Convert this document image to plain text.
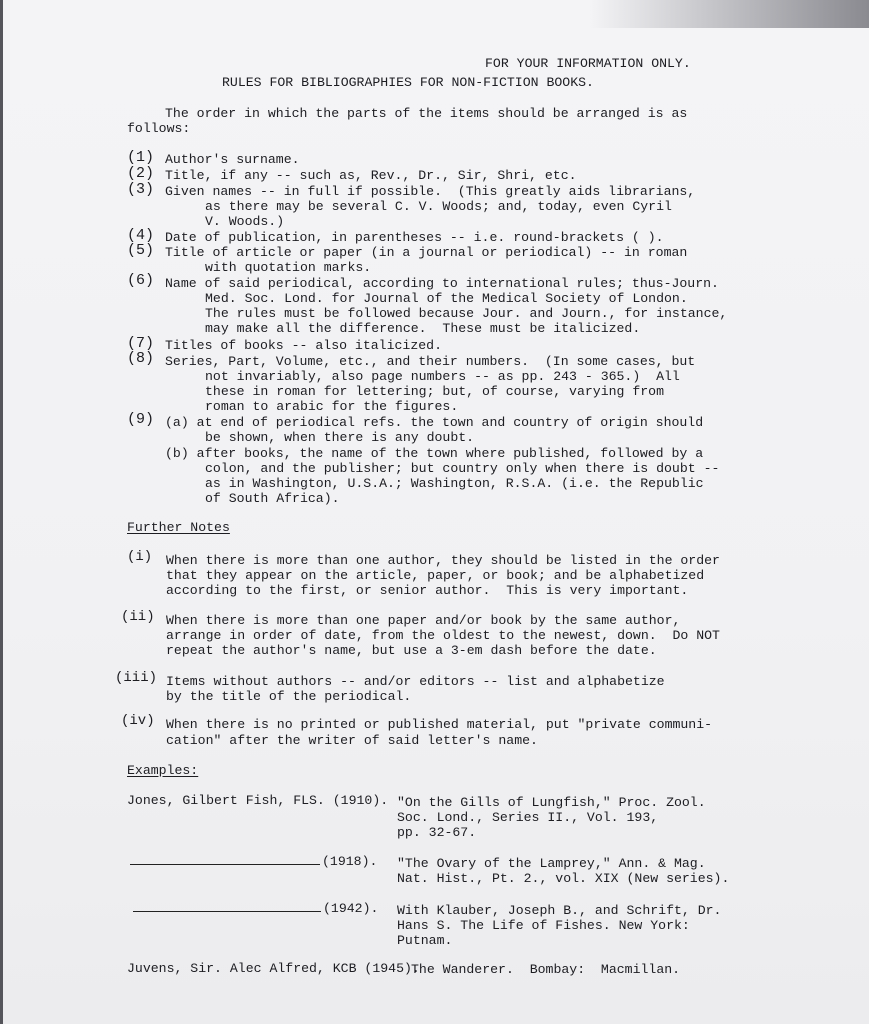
FOR YOUR INFORMATION ONLY.
RULES FOR BIBLIOGRAPHIES FOR NON-FICTION BOOKS.
The order in which the parts of the items should be arranged is as
follows:
(1) Author's surname.
(2) Title, if any -- such as, Rev., Dr., Sir, Shri, etc.
(3) Given names -- in full if possible.  (This greatly aids librarians,
as there may be several C. V. Woods; and, today, even Cyril
V. Woods.)
(4) Date of publication, in parentheses -- i.e. round-brackets ( ).
(5) Title of article or paper (in a journal or periodical) -- in roman
with quotation marks.
(6) Name of said periodical, according to international rules; thus-Journ.
Med. Soc. Lond. for Journal of the Medical Society of London.
The rules must be followed because Jour. and Journ., for instance,
may make all the difference.  These must be italicized.
(7) Titles of books -- also italicized.
(8) Series, Part, Volume, etc., and their numbers.  (In some cases, but
not invariably, also page numbers -- as pp. 243 - 365.)  All
these in roman for lettering; but, of course, varying from
roman to arabic for the figures.
(9) (a) at end of periodical refs. the town and country of origin should
be shown, when there is any doubt.
(b) after books, the name of the town where published, followed by a
colon, and the publisher; but country only when there is doubt --
as in Washington, U.S.A.; Washington, R.S.A. (i.e. the Republic
of South Africa).
Further Notes
(i) When there is more than one author, they should be listed in the order
that they appear on the article, paper, or book; and be alphabetized
according to the first, or senior author.  This is very important.
(ii) When there is more than one paper and/or book by the same author,
arrange in order of date, from the oldest to the newest, down.  Do NOT
repeat the author's name, but use a 3-em dash before the date.
(iii) Items without authors -- and/or editors -- list and alphabetize
by the title of the periodical.
(iv) When there is no printed or published material, put "private communi-
cation" after the writer of said letter's name.
Examples:
Jones, Gilbert Fish, FLS. (1910). "On the Gills of Lungfish," Proc. Zool.
Soc. Lond., Series II., Vol. 193,
pp. 32-67.
(1918). "The Ovary of the Lamprey," Ann. & Mag.
Nat. Hist., Pt. 2., vol. XIX (New series).
(1942). With Klauber, Joseph B., and Schrift, Dr.
Hans S. The Life of Fishes. New York:
Putnam.
Juvens, Sir. Alec Alfred, KCB (1945).
The Wanderer.  Bombay:  Macmillan.
